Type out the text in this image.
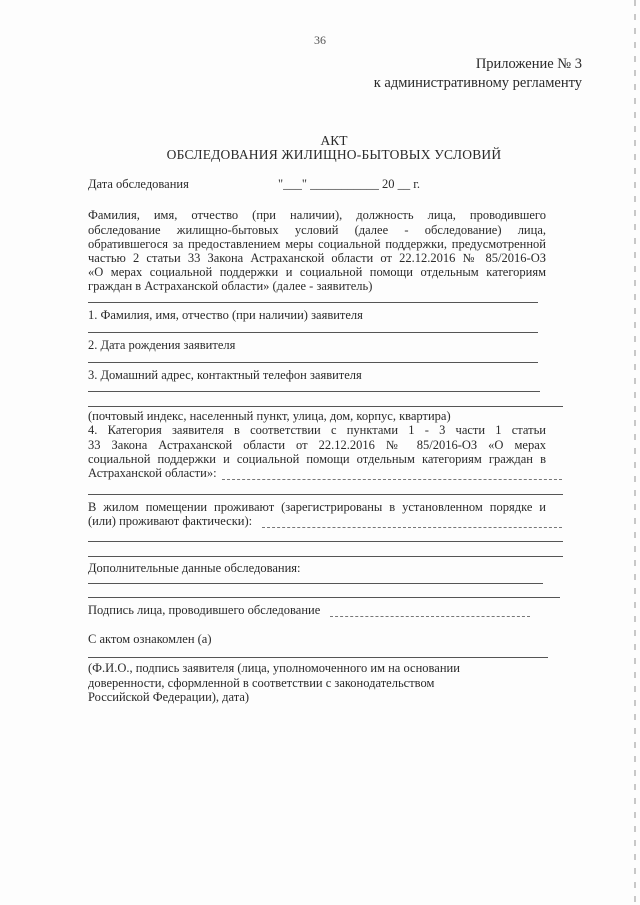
36
Приложение № 3
к административному регламенту
АКТ
ОБСЛЕДОВАНИЯ ЖИЛИЩНО-БЫТОВЫХ УСЛОВИЙ
Дата обследования	"___" ___________ 20 __ г.
Фамилия, имя, отчество (при наличии), должность лица, проводившего
обследование жилищно-бытовых условий (далее - обследование) лица,
обратившегося за предоставлением меры социальной поддержки, предусмотренной
частью 2 статьи 33 Закона Астраханской области от 22.12.2016 № 85/2016-ОЗ
«О мерах социальной поддержки и социальной помощи отдельным категориям
граждан в Астраханской области» (далее - заявитель)
1. Фамилия, имя, отчество (при наличии) заявителя
2. Дата рождения заявителя
3. Домашний адрес, контактный телефон заявителя
(почтовый индекс, населенный пункт, улица, дом, корпус, квартира)
4. Категория заявителя в соответствии с пунктами 1 - 3 части 1 статьи
33 Закона Астраханской области от 22.12.2016 № 85/2016-ОЗ «О мерах
социальной поддержки и социальной помощи отдельным категориям граждан в
Астраханской области»:
В жилом помещении проживают (зарегистрированы в установленном порядке и
(или) проживают фактически):
Дополнительные данные обследования:
Подпись лица, проводившего обследование
С актом ознакомлен (а)
(Ф.И.О., подпись заявителя (лица, уполномоченного им на основании
доверенности, сформленной в соответствии с законодательством
Российской Федерации), дата)
